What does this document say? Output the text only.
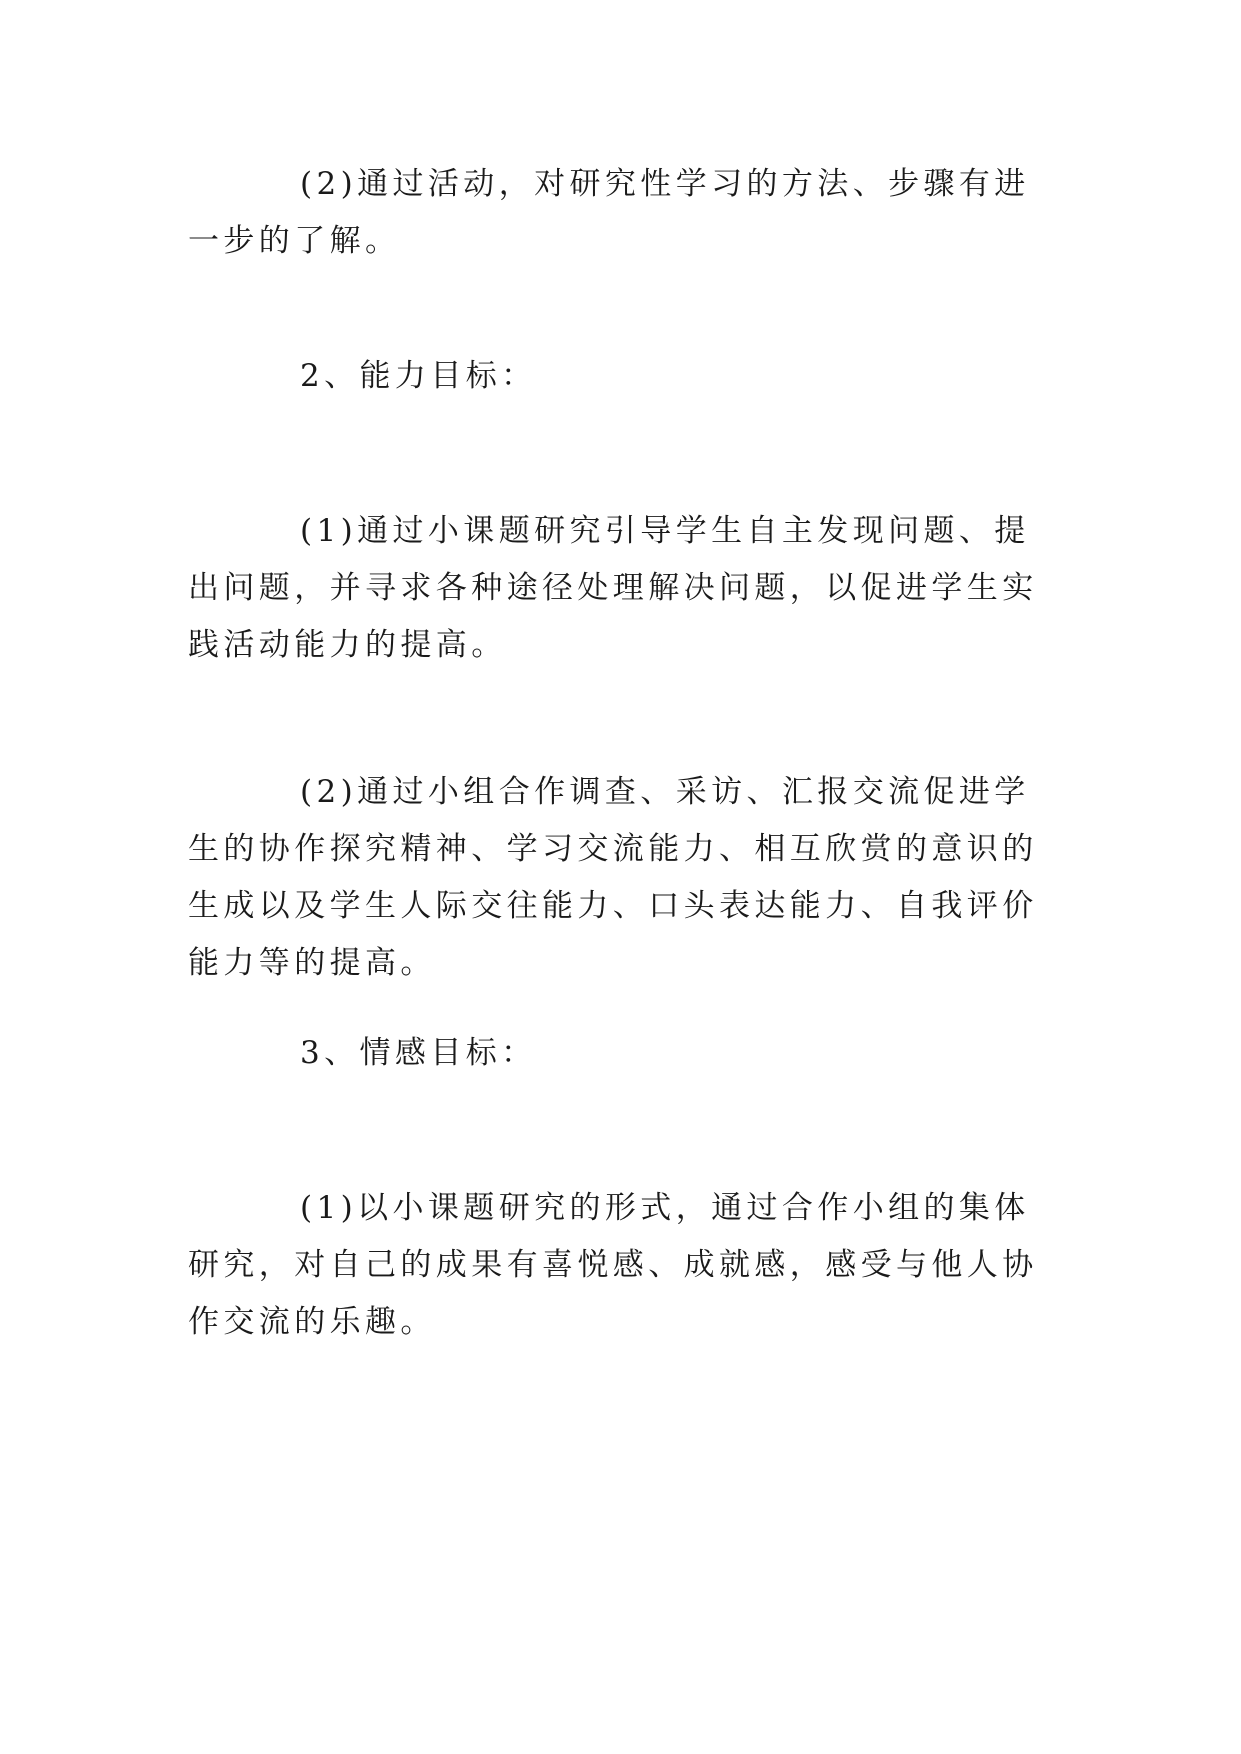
(2)通过活动，对研究性学习的方法、步骤有进一步的了解。

2、能力目标：

(1)通过小课题研究引导学生自主发现问题、提出问题，并寻求各种途径处理解决问题，以促进学生实践活动能力的提高。

(2)通过小组合作调查、采访、汇报交流促进学生的协作探究精神、学习交流能力、相互欣赏的意识的生成以及学生人际交往能力、口头表达能力、自我评价能力等的提高。

3、情感目标：

(1)以小课题研究的形式，通过合作小组的集体研究，对自己的成果有喜悦感、成就感，感受与他人协作交流的乐趣。
